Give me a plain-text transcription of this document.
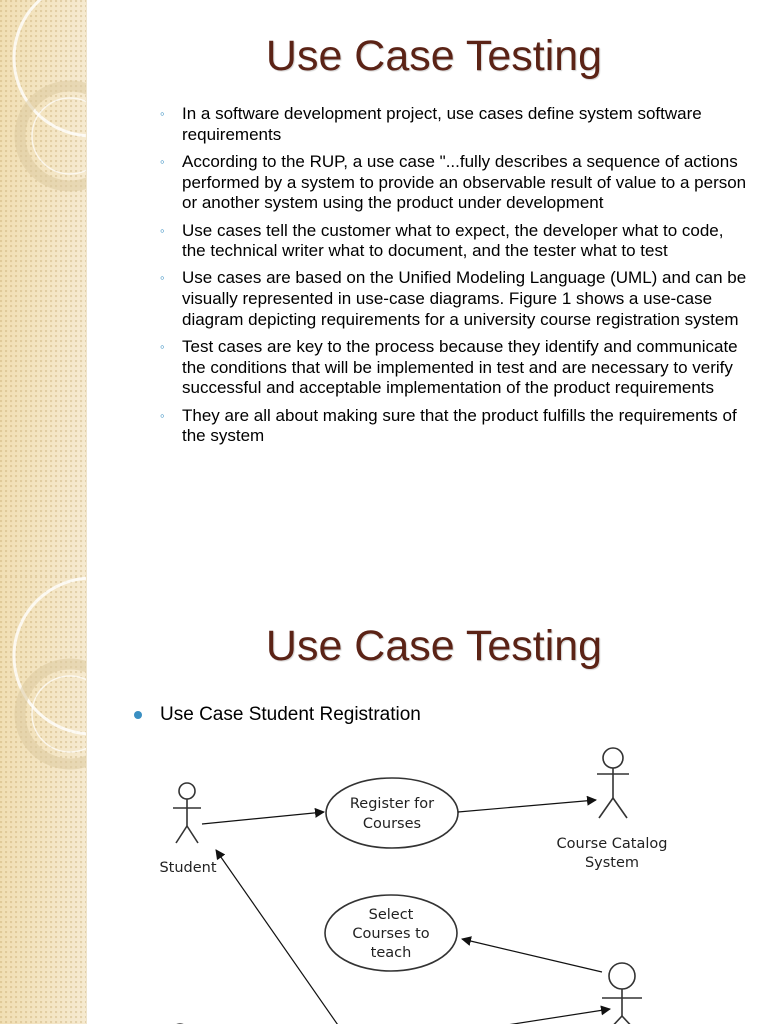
Use Case Testing
◦ In a software development project, use cases define system software requirements
◦ According to the RUP, a use case "...fully describes a sequence of actions performed by a system to provide an observable result of value to a person or another system using the product under development
◦ Use cases tell the customer what to expect, the developer what to code, the technical writer what to document, and the tester what to test
◦ Use cases are based on the Unified Modeling Language (UML) and can be visually represented in use-case diagrams. Figure 1 shows a use-case diagram depicting requirements for a university course registration system
◦ Test cases are key to the process because they identify and communicate the conditions that will be implemented in test and are necessary to verify successful and acceptable implementation of the product requirements
◦ They are all about making sure that the product fulfills the requirements of the system
Use Case Testing
Use Case Student Registration
Student
Course Catalog
System
Register for
Courses
Select
Courses to
teach
